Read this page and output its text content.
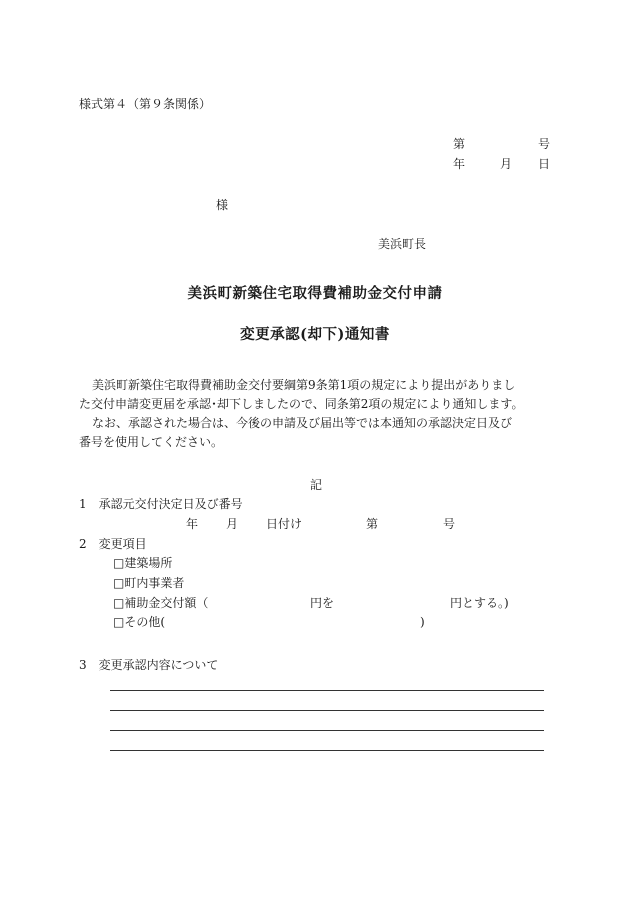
様式第４（第９条関係）
第	号
年	月 日
様
美浜町長
美浜町新築住宅取得費補助金交付申請
変更承認(却下)通知書
美浜町新築住宅取得費補助金交付要綱第9条第1項の規定により提出がありまし
た交付申請変更届を承認･却下しましたので、同条第2項の規定により通知します。
なお、承認された場合は、今後の申請及び届出等では本通知の承認決定日及び
番号を使用してください。
記
1　承認元交付決定日及び番号
年 月 日付け	第	号
2　変更項目
□建築場所
□町内事業者
□補助金交付額（	円を	円とする。)
□その他(	)
3　変更承認内容について
